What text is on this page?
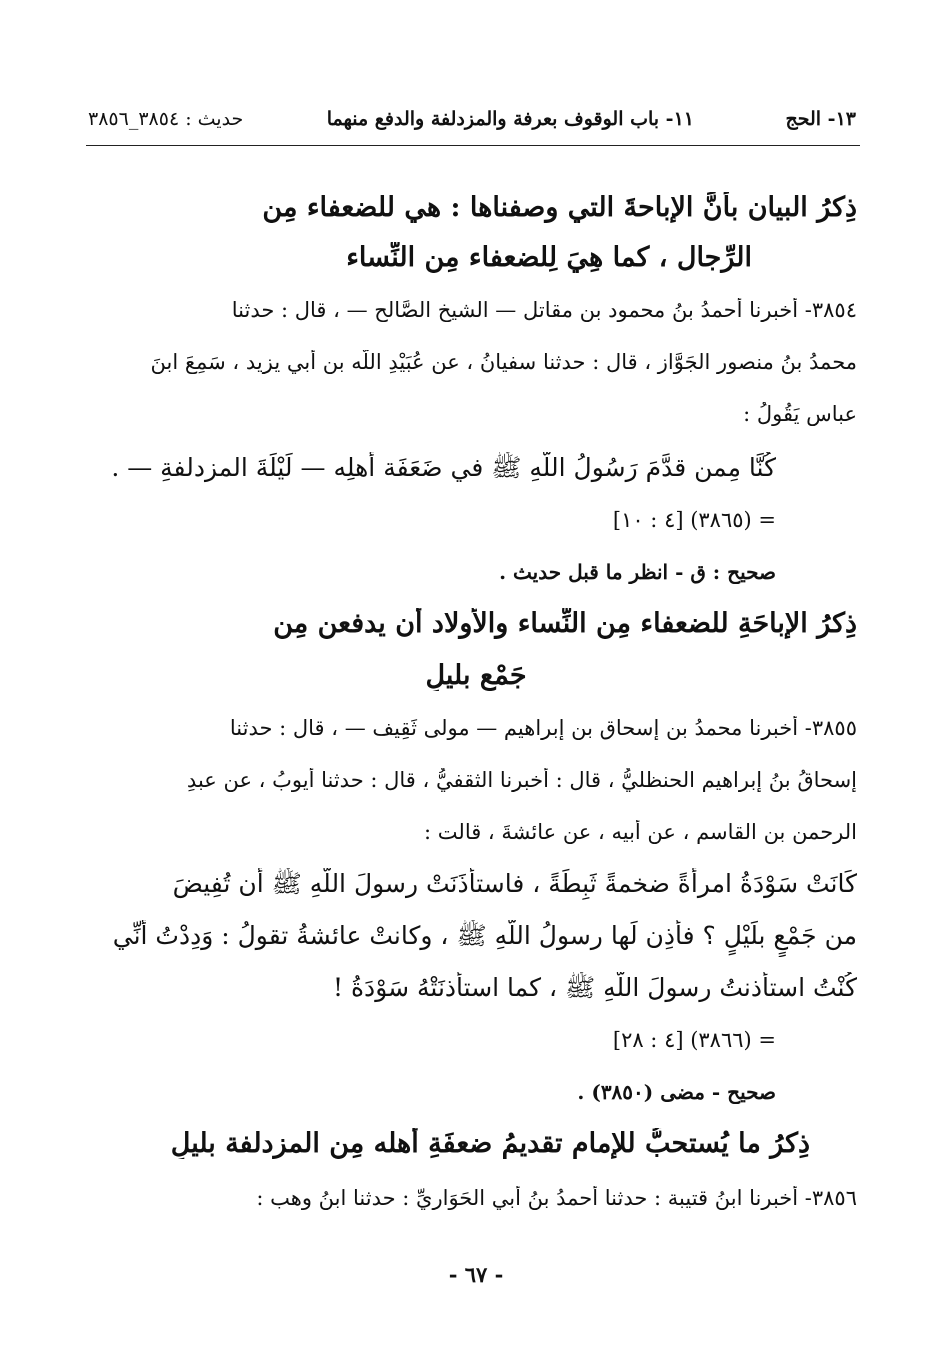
١٣- الحج
١١- باب الوقوف بعرفة والمزدلفة والدفع منهما
حديث : ٣٨٥٤_٣٨٥٦
ذِكرُ البيان بأنَّ الإباحةَ التي وصفناها : هي للضعفاء مِن
الرِّجال ، كما هِيَ لِلضعفاء مِن النِّساء
٣٨٥٤- أخبرنا أحمدُ بنُ محمود بن مقاتل — الشيخ الصَّالح — ، قال : حدثنا
محمدُ بنُ منصور الجَوَّاز ، قال : حدثنا سفيانُ ، عن عُبَيْدِ اللَّه بن أبي يزيد ، سَمِعَ ابنَ
عباس يَقُولُ :
كُنَّا مِمن قدَّمَ رَسُولُ اللَّهِ ﷺ في ضَعَفَة أهلِه — لَيْلَةَ المزدلفةِ — .
= (٣٨٦٥) [٤ : ١٠]
صحيح : ق - انظر ما قبل حديث .
ذِكرُ الإباحَةِ للضعفاء مِن النِّساء والأولاد أن يدفعن مِن
جَمْعٍ بليلٍ
٣٨٥٥- أخبرنا محمدُ بن إسحاق بن إبراهيم — مولى ثَقِيف — ، قال : حدثنا
إسحاقُ بنُ إبراهيم الحنظليُّ ، قال : أخبرنا الثقفيُّ ، قال : حدثنا أيوبُ ، عن عبدِ
الرحمن بن القاسم ، عن أبيه ، عن عائشةَ ، قالت :
كَانَتْ سَوْدَةُ امرأةً ضخمةً ثَبِطَةً ، فاستأذَنَتْ رسولَ اللَّهِ ﷺ أن تُفِيضَ
من جَمْعٍ بلَيْلٍ ؟ فأذِن لَها رسولُ اللَّهِ ﷺ ، وكانتْ عائشةُ تقولُ : وَدِدْتُ أنِّي
كُنْتُ استأذنتُ رسولَ اللَّهِ ﷺ ، كما استأذنَتْهُ سَوْدَةُ !
= (٣٨٦٦) [٤ : ٢٨]
صحيح - مضى (٣٨٥٠) .
ذِكرُ ما يُستحبُّ للإمام تقديمُ ضعفَةِ أهله مِن المزدلفة بليلٍ
٣٨٥٦- أخبرنا ابنُ قتيبة : حدثنا أحمدُ بنُ أبي الحَوَارِيِّ : حدثنا ابنُ وهب :
- ٦٧ -
